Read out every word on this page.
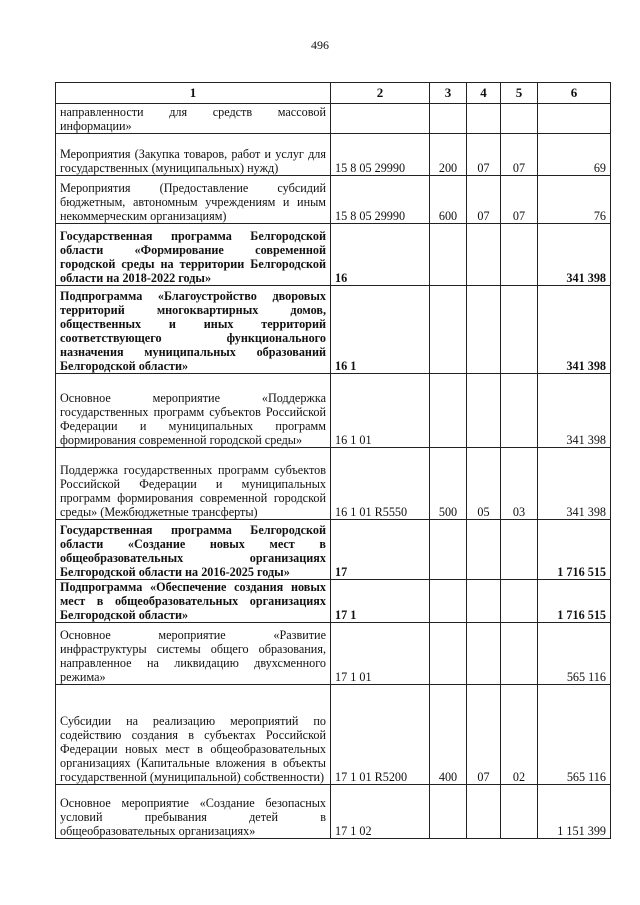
496
1	2	3	4	5	6
направленности для средств массовой информации»					
Мероприятия (Закупка товаров, работ и услуг для государственных (муниципальных) нужд)	15 8 05 29990	200	07	07	69
Мероприятия (Предоставление субсидий бюджетным, автономным учреждениям и иным некоммерческим организациям)	15 8 05 29990	600	07	07	76
Государственная программа Белгородской области «Формирование современной городской среды на территории Белгородской области на 2018-2022 годы»	16				341 398
Подпрограмма «Благоустройство дворовых территорий многоквартирных домов, общественных и иных территорий соответствующего функционального назначения муниципальных образований Белгородской области»	16 1				341 398
Основное мероприятие «Поддержка государственных программ субъектов Российской Федерации и муниципальных программ формирования современной городской среды»	16 1 01				341 398
Поддержка государственных программ субъектов Российской Федерации и муниципальных программ формирования современной городской среды» (Межбюджетные трансферты)	16 1 01 R5550	500	05	03	341 398
Государственная программа Белгородской области «Создание новых мест в общеобразовательных организациях Белгородской области на 2016-2025 годы»	17				1 716 515
Подпрограмма «Обеспечение создания новых мест в общеобразовательных организациях Белгородской области»	17 1				1 716 515
Основное мероприятие «Развитие инфраструктуры системы общего образования, направленное на ликвидацию двухсменного режима»	17 1 01				565 116
Субсидии на реализацию мероприятий по содействию создания в субъектах Российской Федерации новых мест в общеобразовательных организациях (Капитальные вложения в объекты государственной (муниципальной) собственности)	17 1 01 R5200	400	07	02	565 116
Основное мероприятие «Создание безопасных условий пребывания детей в общеобразовательных организациях»	17 1 02				1 151 399
